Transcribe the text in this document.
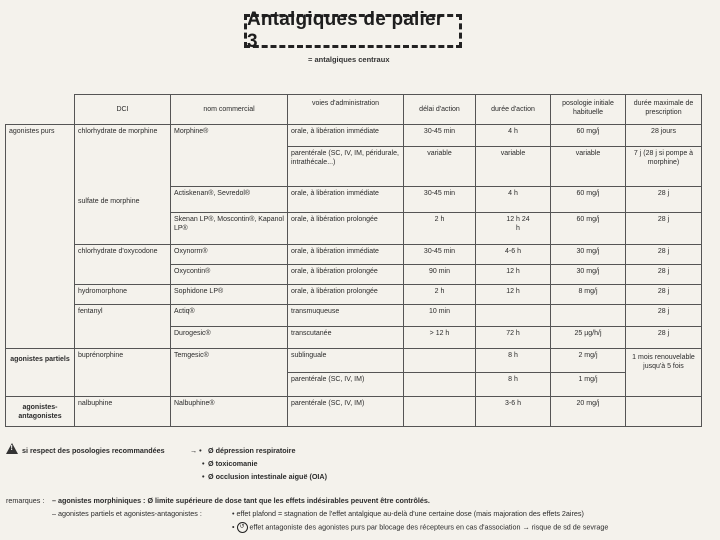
Antalgiques de palier 3
= antalgiques centraux
	DCI	nom commercial	voies d'administration	délai d'action	durée d'action	posologie initiale habituelle	durée maximale de prescription
agonistes purs	chlorhydrate de morphine	Morphine®	orale, à libération immédiate	30-45 min	4 h	60 mg/j	28 jours
			parentérale (SC, IV, IM, péridurale, intrathécale...)	variable	variable	variable	7 j (28 j si pompe à morphine)
	sulfate de morphine	Actiskenan®, Sevredol®	orale, à libération immédiate	30-45 min	4 h	60 mg/j	28 j
		Skenan LP®, Moscontin®, Kapanol LP®	orale, à libération prolongée	2 h	12 h 24 h	60 mg/j	28 j
	chlorhydrate d'oxycodone	Oxynorm®	orale, à libération immédiate	30-45 min	4-6 h	30 mg/j	28 j
		Oxycontin®	orale, à libération prolongée	90 min	12 h	30 mg/j	28 j
	hydromorphone	Sophidone LP®	orale, à libération prolongée	2 h	12 h	8 mg/j	28 j
	fentanyl	Actiq®	transmuqueuse	10 min			28 j
		Durogesic®	transcutanée	> 12 h	72 h	25 µg/h/j	28 j
agonistes partiels	buprénorphine	Temgesic®	sublinguale		8 h	2 mg/j	1 mois renouvelable jusqu'à 5 fois
			parentérale (SC, IV, IM)		8 h	1 mg/j	
agonistes-antagonistes	nalbuphine	Nalbuphine®	parentérale (SC, IV, IM)		3-6 h	20 mg/j	
! si respect des posologies recommandées	→ • Ø dépression respiratoire
• Ø toxicomanie
• Ø occlusion intestinale aiguë (OIA)
remarques : – agonistes morphiniques : Ø limite supérieure de dose tant que les effets indésirables peuvent être contrôlés.
– agonistes partiels et agonistes-antagonistes :	• effet plafond = stagnation de l'effet antalgique au-delà d'une certaine dose (mais majoration des effets 2aires)
• ↺ effet antagoniste des agonistes purs par blocage des récepteurs en cas d'association → risque de sd de sevrage
